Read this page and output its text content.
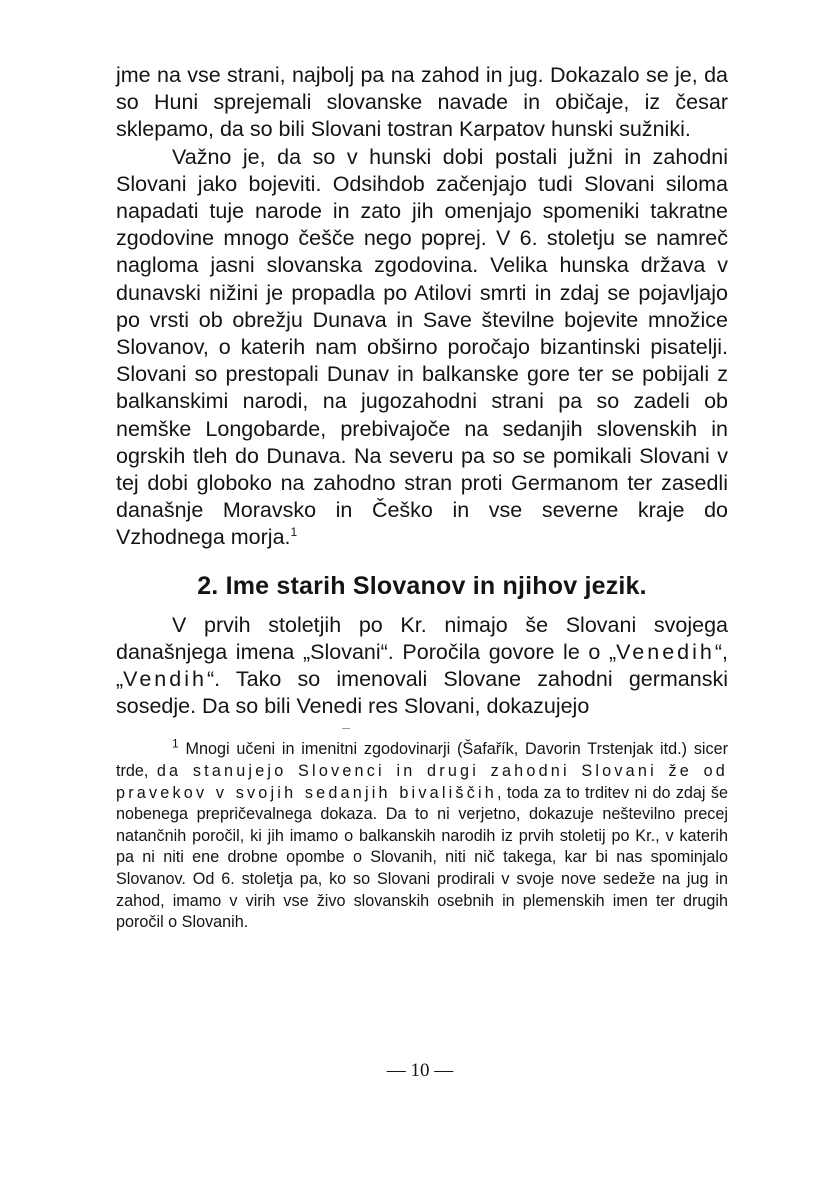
jme na vse strani, najbolj pa na zahod in jug. Dokazalo se je, da so Huni sprejemali slovanske navade in običaje, iz česar sklepamo, da so bili Slovani tostran Karpatov hunski sužniki.

Važno je, da so v hunski dobi postali južni in zahodni Slovani jako bojeviti. Odsihdob začenjajo tudi Slovani siloma napadati tuje narode in zato jih omenjajo spomeniki takratne zgodovine mnogo češče nego poprej. V 6. stoletju se namreč nagloma jasni slovanska zgodovina. Velika hunska država v dunavski nižini je propadla po Atilovi smrti in zdaj se pojavljajo po vrsti ob obrežju Dunava in Save številne bojevite množice Slovanov, o katerih nam obširno poročajo bizantinski pisatelji. Slovani so prestopali Dunav in balkanske gore ter se pobijali z balkanskimi narodi, na jugozahodni strani pa so zadeli ob nemške Longobarde, prebivajoče na sedanjih slovenskih in ogrskih tleh do Dunava. Na severu pa so se pomikali Slovani v tej dobi globoko na zahodno stran proti Germanom ter zasedli današnje Moravsko in Češko in vse severne kraje do Vzhodnega morja.$^1$

2. Ime starih Slovanov in njihov jezik.

V prvih stoletjih po Kr. nimajo še Slovani svojega današnjega imena „Slovani“. Poročila govore le o „Venedih“, „Vendih“. Tako so imenovali Slovane zahodni germanski sosedje. Da so bili Venedi res Slovani, dokazujejo

$^1$ Mnogi učeni in imenitni zgodovinarji (Šafařík, Davorin Trstenjak itd.) sicer trde, da stanujejo Slovenci in drugi zahodni Slovani že od pravekov v svojih sedanjih bivališčih, toda za to trditev ni do zdaj še nobenega prepričevalnega dokaza. Da to ni verjetno, dokazuje neštevilno precej natančnih poročil, ki jih imamo o balkanskih narodih iz prvih stoletij po Kr., v katerih pa ni niti ene drobne opombe o Slovanih, niti nič takega, kar bi nas spominjalo Slovanov. Od 6. stoletja pa, ko so Slovani prodirali v svoje nove sedeže na jug in zahod, imamo v virih vse živo slovanskih osebnih in plemenskih imen ter drugih poročil o Slovanih.

— 10 —
